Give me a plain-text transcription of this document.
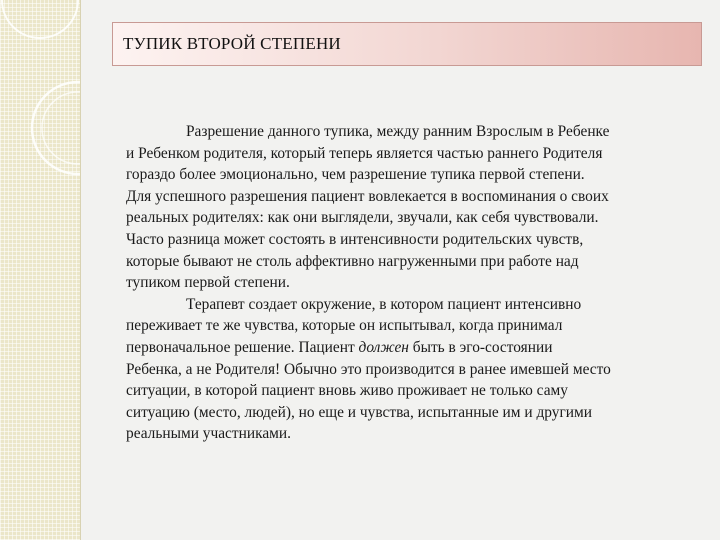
ТУПИК ВТОРОЙ СТЕПЕНИ
Разрешение данного тупика, между ранним Взрослым в Ребенке
и Ребенком родителя, который теперь является частью раннего Родителя
гораздо более эмоционально, чем разрешение тупика первой степени.
Для успешного разрешения пациент вовлекается в воспоминания о своих
реальных родителях: как они выглядели, звучали, как себя чувствовали.
Часто разница может состоять в интенсивности родительских чувств,
которые бывают не столь аффективно нагруженными при работе над
тупиком первой степени.
Терапевт создает окружение, в котором пациент интенсивно
переживает те же чувства, которые он испытывал, когда принимал
первоначальное решение. Пациент должен быть в эго-состоянии
Ребенка, а не Родителя! Обычно это производится в ранее имевшей место
ситуации, в которой пациент вновь живо проживает не только саму
ситуацию (место, людей), но еще и чувства, испытанные им и другими
реальными участниками.
